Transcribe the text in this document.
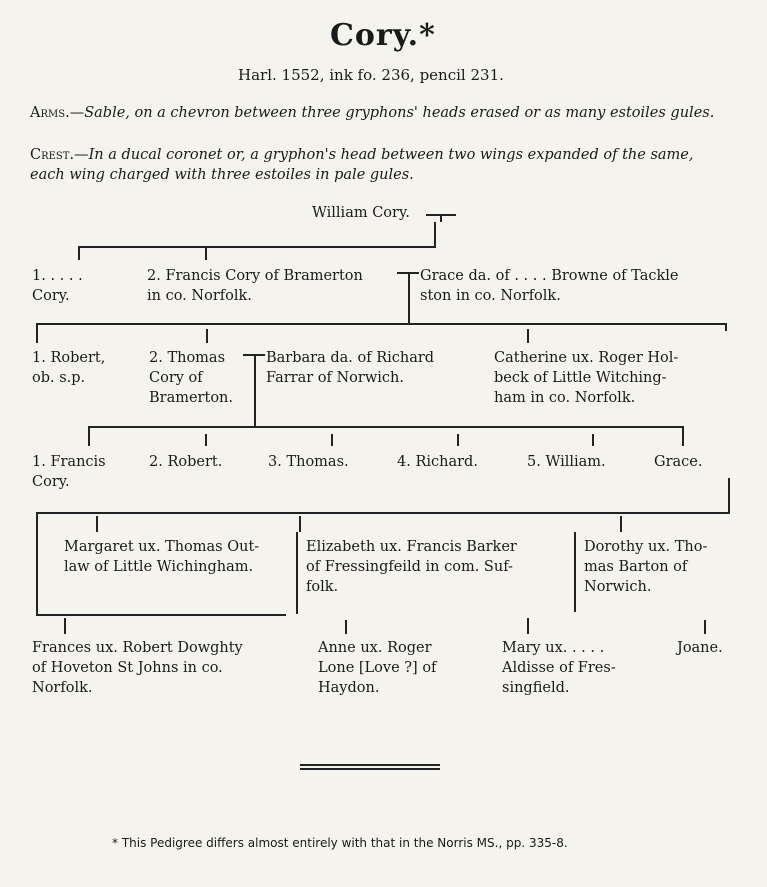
Cory.*
Harl. 1552, ink fo. 236, pencil 231.
Arms.—Sable, on a chevron between three gryphons' heads erased or as many estoiles gules.
Crest.—In a ducal coronet or, a gryphon's head between two wings expanded of the same, each wing charged with three estoiles in pale gules.
William Cory.
1. . . . .
Cory.
2. Francis Cory of Bramerton
in co. Norfolk.
Grace da. of . . . . Browne of Tackle
ston in co. Norfolk.
1. Robert,
ob. s.p.
2. Thomas
Cory of
Bramerton.
Barbara da. of Richard
Farrar of Norwich.
Catherine ux. Roger Hol-
beck of Little Witching-
ham in co. Norfolk.
1. Francis
Cory.
2. Robert.	3. Thomas.	4. Richard.	5. William.	Grace.
Margaret ux. Thomas Out-
law of Little Wichingham.
Elizabeth ux. Francis Barker
of Fressingfeild in com. Suf-
folk.
Dorothy ux. Tho-
mas Barton of
Norwich.
Frances ux. Robert Dowghty
of Hoveton St Johns in co.
Norfolk.
Anne ux. Roger
Lone [Love ?] of
Haydon.
Mary ux. . . . .
Aldisse of Fres-
singfield.
Joane.
* This Pedigree differs almost entirely with that in the Norris MS., pp. 335-8.
